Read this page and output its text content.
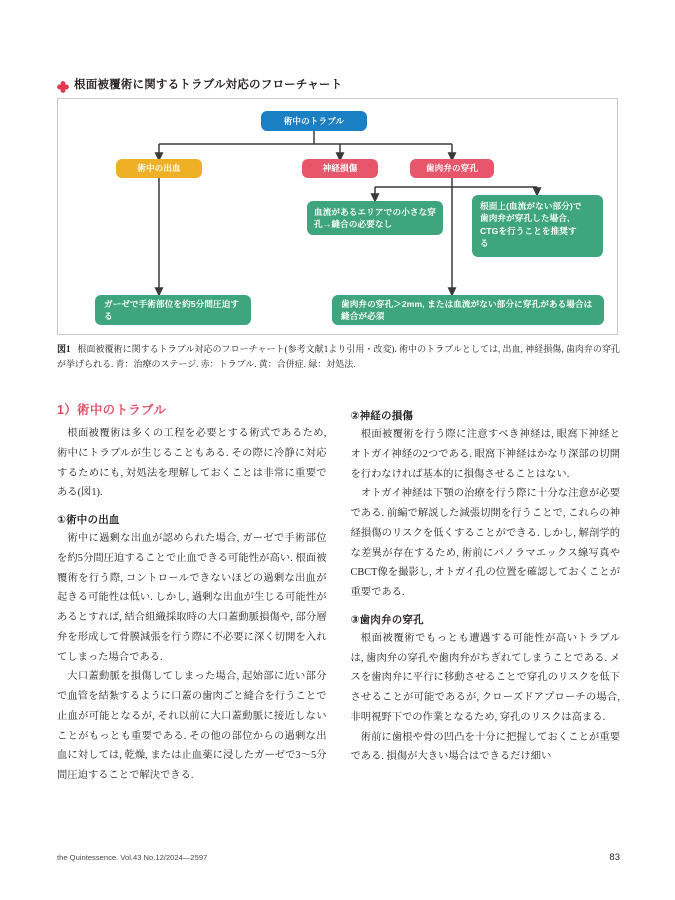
根面被覆術に関するトラブル対応のフローチャート
術中のトラブル
術中の出血	神経損傷	歯肉弁の穿孔
血流があるエリアでの小さな穿孔→縫合の必要なし
根面上(血流がない部分)で
歯肉弁が穿孔した場合,
CTGを行うことを推奨す
る
ガーゼで手術部位を約5分間圧迫する
歯肉弁の穿孔＞2mm, または血流がない部分に穿孔がある場合は縫合が必須
図1 根面被覆術に関するトラブル対応のフローチャート(参考文献1より引用・改変). 術中のトラブルとしては, 出血, 神経損傷, 歯肉弁の穿孔が挙げられる. 青：治療のステージ. 赤：トラブル. 黄：合併症. 緑：対処法.
1）術中のトラブル

根面被覆術は多くの工程を必要とする術式であるため, 術中にトラブルが生じることもある. その際に冷静に対応するためにも, 対処法を理解しておくことは非常に重要である(図1).

①術中の出血

術中に過剰な出血が認められた場合, ガーゼで手術部位を約5分間圧迫することで止血できる可能性が高い. 根面被覆術を行う際, コントロールできないほどの過剰な出血が起きる可能性は低い. しかし, 過剰な出血が生じる可能性があるとすれば, 結合組織採取時の大口蓋動脈損傷や, 部分層弁を形成して骨膜減張を行う際に不必要に深く切開を入れてしまった場合である.

大口蓋動脈を損傷してしまった場合, 起始部に近い部分で血管を結紮するように口蓋の歯肉ごと縫合を行うことで止血が可能となるが, それ以前に大口蓋動脈に接近しないことがもっとも重要である. その他の部位からの過剰な出血に対しては, 乾燥, または止血薬に浸したガーゼで3～5分間圧迫することで解決できる.

②神経の損傷

根面被覆術を行う際に注意すべき神経は, 眼窩下神経とオトガイ神経の2つである. 眼窩下神経はかなり深部の切開を行わなければ基本的に損傷させることはない.

オトガイ神経は下顎の治療を行う際に十分な注意が必要である. 前編で解説した減張切開を行うことで, これらの神経損傷のリスクを低くすることができる. しかし, 解剖学的な差異が存在するため, 術前にパノラマエックス線写真やCBCT像を撮影し, オトガイ孔の位置を確認しておくことが重要である.

③歯肉弁の穿孔

根面被覆術でもっとも遭遇する可能性が高いトラブルは, 歯肉弁の穿孔や歯肉弁がちぎれてしまうことである. メスを歯肉弁に平行に移動させることで穿孔のリスクを低下させることが可能であるが, クローズドアプローチの場合, 非明視野下での作業となるため, 穿孔のリスクは高まる.

術前に歯根や骨の凹凸を十分に把握しておくことが重要である. 損傷が大きい場合はできるだけ細い

the Quintessence. Vol.43 No.12/2024—2597	83
